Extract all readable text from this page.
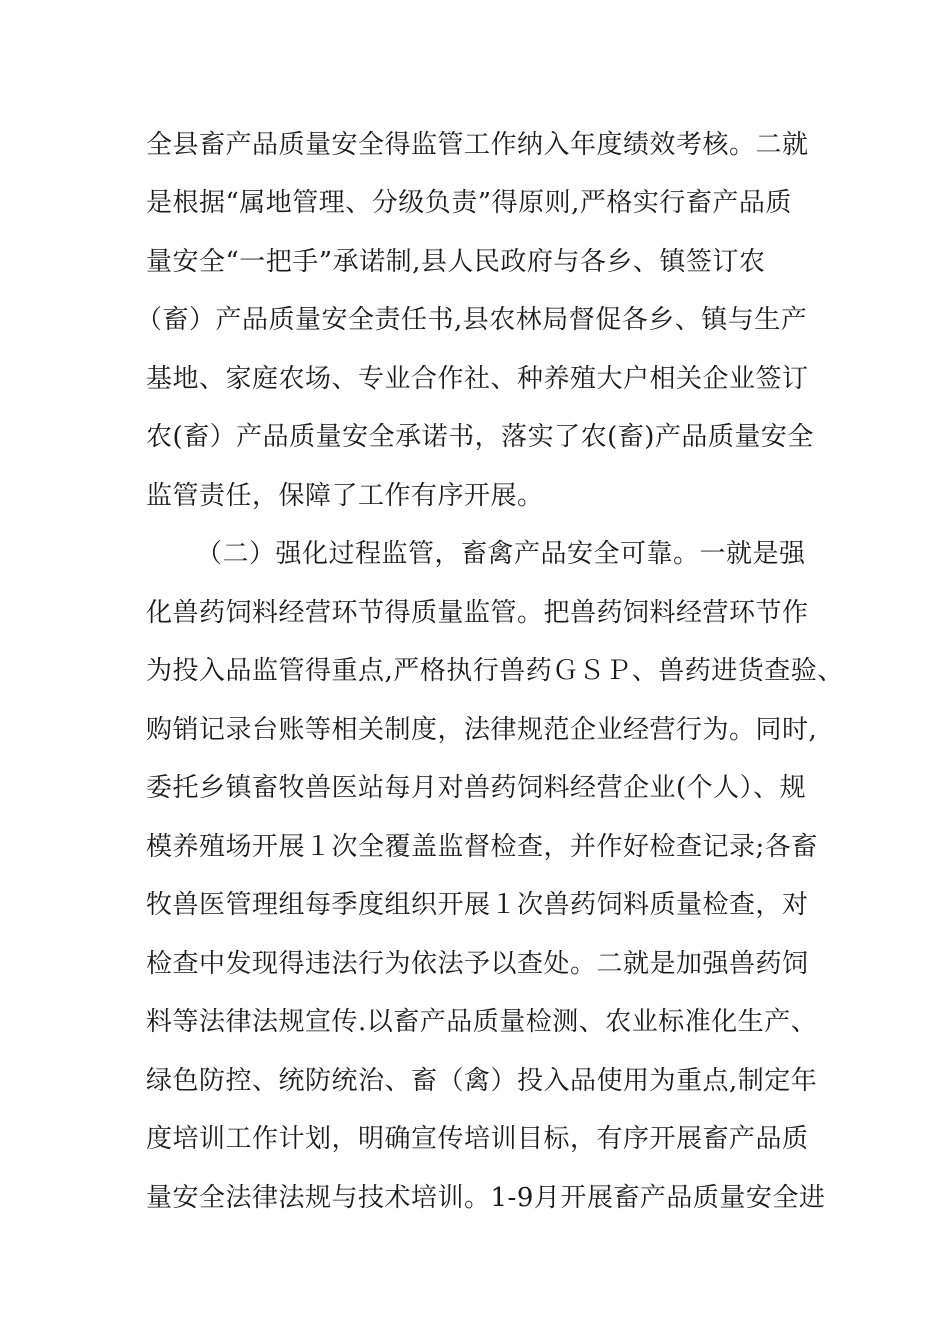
全县畜产品质量安全得监管工作纳入年度绩效考核。二就
是根据“属地管理、分级负责”得原则,严格实行畜产品质
量安全“一把手”承诺制,县人民政府与各乡、镇签订农
（畜）产品质量安全责任书,县农林局督促各乡、镇与生产
基地、家庭农场、专业合作社、种养殖大户相关企业签订
农(畜）产品质量安全承诺书，落实了农(畜)产品质量安全
监管责任，保障了工作有序开展。
（二）强化过程监管，畜禽产品安全可靠。一就是强
化兽药饲料经营环节得质量监管。把兽药饲料经营环节作
为投入品监管得重点,严格执行兽药ＧＳＰ、兽药进货查验、
购销记录台账等相关制度，法律规范企业经营行为。同时,
委托乡镇畜牧兽医站每月对兽药饲料经营企业(个人）、规
模养殖场开展１次全覆盖监督检查，并作好检查记录;各畜
牧兽医管理组每季度组织开展１次兽药饲料质量检查，对
检查中发现得违法行为依法予以查处。二就是加强兽药饲
料等法律法规宣传.以畜产品质量检测、农业标准化生产、
绿色防控、统防统治、畜（禽）投入品使用为重点,制定年
度培训工作计划，明确宣传培训目标，有序开展畜产品质
量安全法律法规与技术培训。1-9月开展畜产品质量安全进
